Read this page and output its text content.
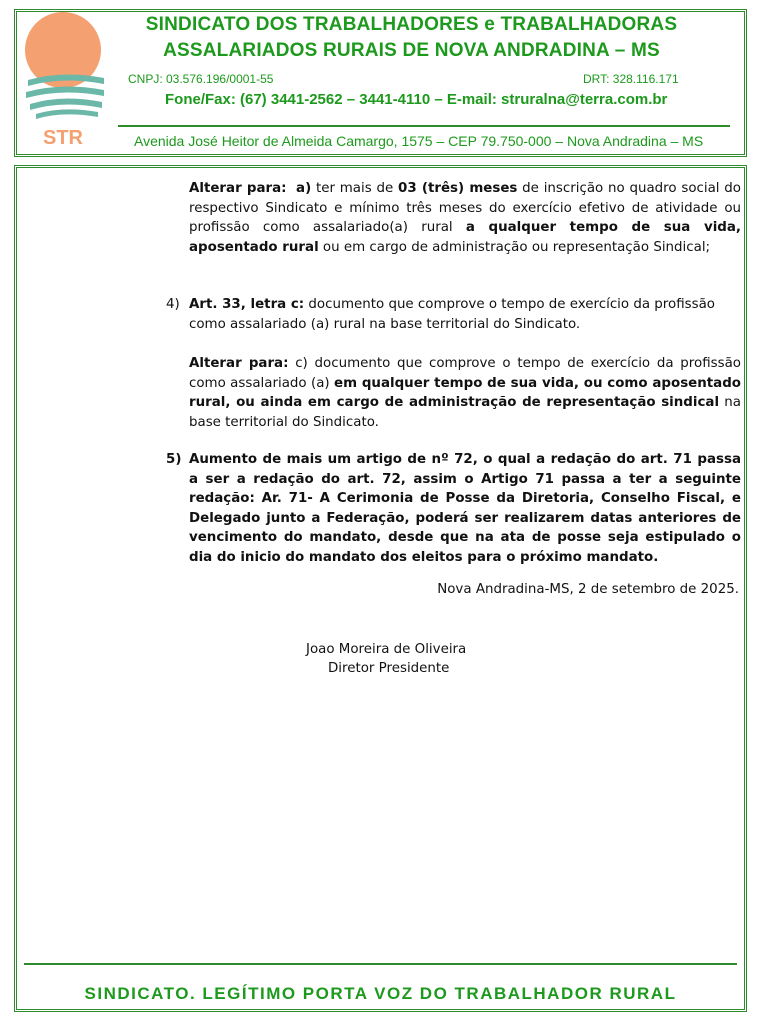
STR
SINDICATO DOS TRABALHADORES e TRABALHADORAS
ASSALARIADOS RURAIS DE NOVA ANDRADINA – MS
CNPJ: 03.576.196/0001-55	DRT: 328.116.171
Fone/Fax: (67) 3441-2562 – 3441-4110 – E-mail: struralna@terra.com.br
Avenida José Heitor de Almeida Camargo, 1575 – CEP 79.750-000 – Nova Andradina – MS

Alterar para: a) ter mais de 03 (três) meses de inscrição no quadro social do respectivo Sindicato e mínimo três meses do exercício efetivo de atividade ou profissão como assalariado(a) rural a qualquer tempo de sua vida, aposentado rural ou em cargo de administração ou representação Sindical;

4) Art. 33, letra c: documento que comprove o tempo de exercício da profissão como assalariado (a) rural na base territorial do Sindicato.

Alterar para: c) documento que comprove o tempo de exercício da profissão como assalariado (a) em qualquer tempo de sua vida, ou como aposentado rural, ou ainda em cargo de administração de representação sindical na base territorial do Sindicato.

5) Aumento de mais um artigo de nº 72, o qual a redação do art. 71 passa a ser a redação do art. 72, assim o Artigo 71 passa a ter a seguinte redação: Ar. 71- A Cerimonia de Posse da Diretoria, Conselho Fiscal, e Delegado junto a Federação, poderá ser realizarem datas anteriores de vencimento do mandato, desde que na ata de posse seja estipulado o dia do inicio do mandato dos eleitos para o próximo mandato.

Nova Andradina-MS, 2 de setembro de 2025.
Joao Moreira de Oliveira
Diretor Presidente
SINDICATO. LEGÍTIMO PORTA VOZ DO TRABALHADOR RURAL
